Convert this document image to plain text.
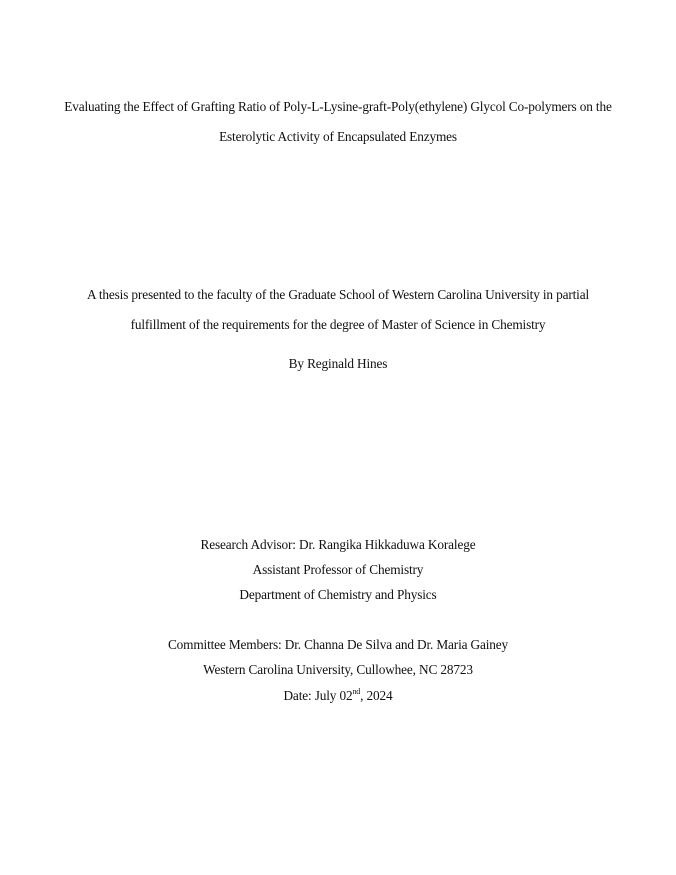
Evaluating the Effect of Grafting Ratio of Poly-L-Lysine-graft-Poly(ethylene) Glycol Co-polymers on the
Esterolytic Activity of Encapsulated Enzymes
A thesis presented to the faculty of the Graduate School of Western Carolina University in partial
fulfillment of the requirements for the degree of Master of Science in Chemistry
By Reginald Hines
Research Advisor: Dr. Rangika Hikkaduwa Koralege
Assistant Professor of Chemistry
Department of Chemistry and Physics
Committee Members: Dr. Channa De Silva and Dr. Maria Gainey
Western Carolina University, Cullowhee, NC 28723
Date: July 02nd, 2024
